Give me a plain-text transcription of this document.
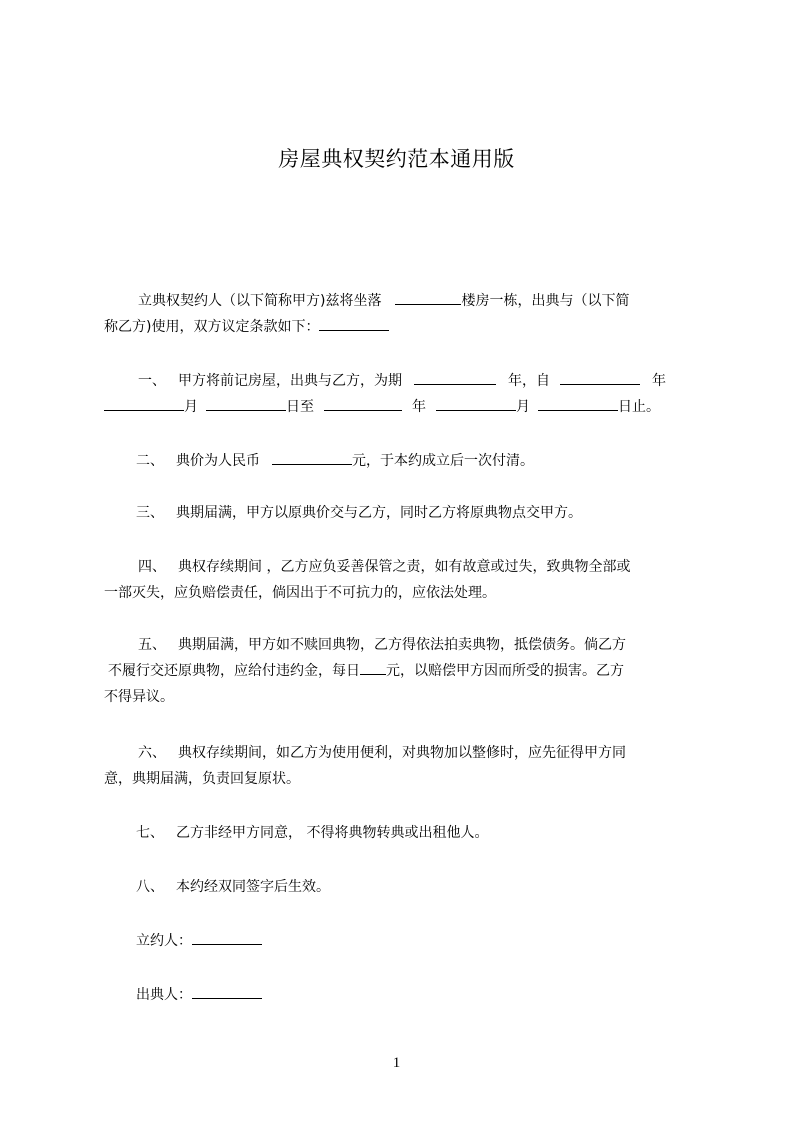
房屋典权契约范本通用版
立典权契约人（以下简称甲方)兹将坐落	楼房一栋，出典与（以下简
称乙方)使用，双方议定条款如下：
一、 甲方将前记房屋，出典与乙方，为期	年，自	年
月	日至	年	月	日止。
二、 典价为人民币	元，于本约成立后一次付清。
三、 典期届满，甲方以原典价交与乙方，同时乙方将原典物点交甲方。
四、 典权存续期间 ，乙方应负妥善保管之责，如有故意或过失，致典物全部或
一部灭失，应负赔偿责任，倘因出于不可抗力的，应依法处理。
五、 典期届满，甲方如不赎回典物，乙方得依法拍卖典物，抵偿债务。倘乙方
不履行交还原典物，应给付违约金，每日 元，以赔偿甲方因而所受的损害。乙方
不得异议。
六、 典权存续期间，如乙方为使用便利，对典物加以整修时，应先征得甲方同
意，典期届满，负责回复原状。
七、 乙方非经甲方同意， 不得将典物转典或出租他人。
八、 本约经双同签字后生效。
立约人：
出典人：
1
